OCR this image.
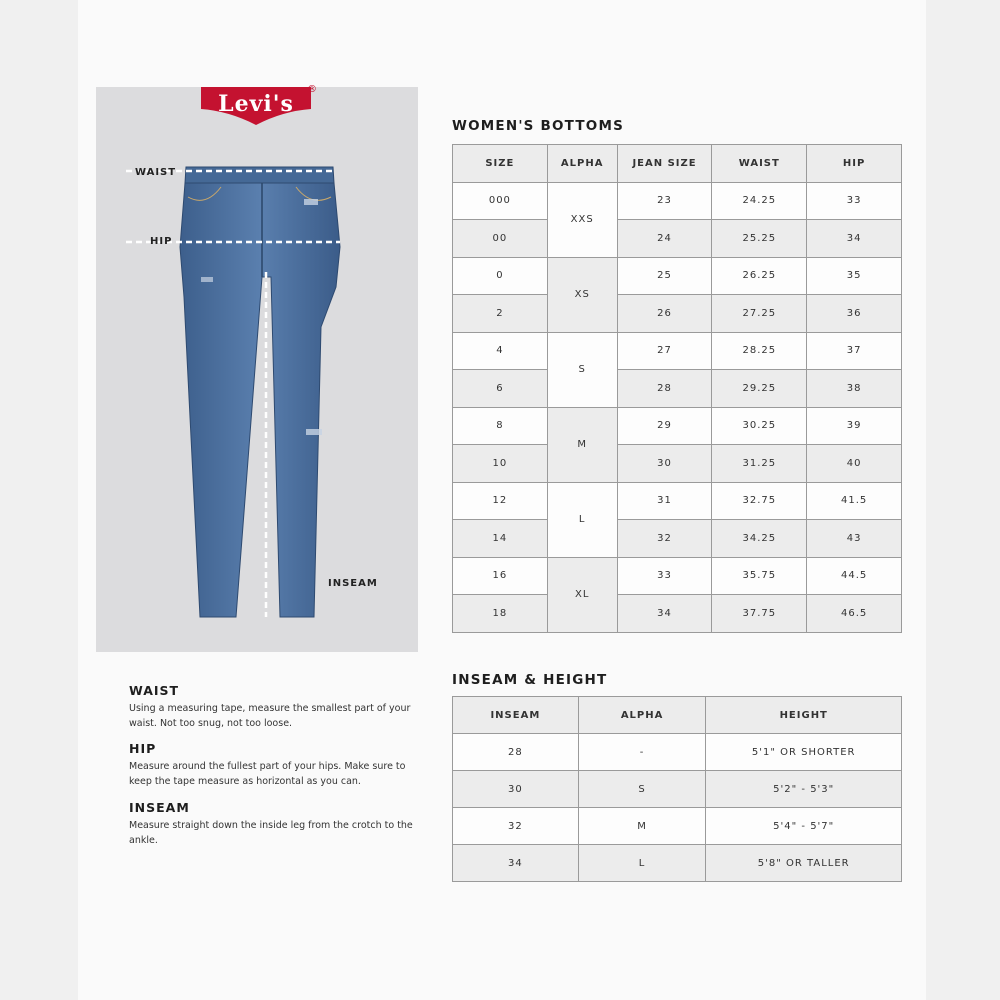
Levi's
®
WAIST
HIP
INSEAM
WOMEN'S BOTTOMS
SIZE	ALPHA	JEAN SIZE	WAIST	HIP
000	XXS	23	24.25	33
00		24	25.25	34
0	XS	25	26.25	35
2		26	27.25	36
4	S	27	28.25	37
6		28	29.25	38
8	M	29	30.25	39
10		30	31.25	40
12	L	31	32.75	41.5
14		32	34.25	43
16	XL	33	35.75	44.5
18		34	37.75	46.5
INSEAM & HEIGHT
INSEAM	ALPHA	HEIGHT
28	-	5'1" OR SHORTER
30	S	5'2" - 5'3"
32	M	5'4" - 5'7"
34	L	5'8" OR TALLER

WAIST

Using a measuring tape, measure the smallest part of your waist. Not too snug, not too loose.

HIP

Measure around the fullest part of your hips. Make sure to keep the tape measure as horizontal as you can.

INSEAM

Measure straight down the inside leg from the crotch to the ankle.
